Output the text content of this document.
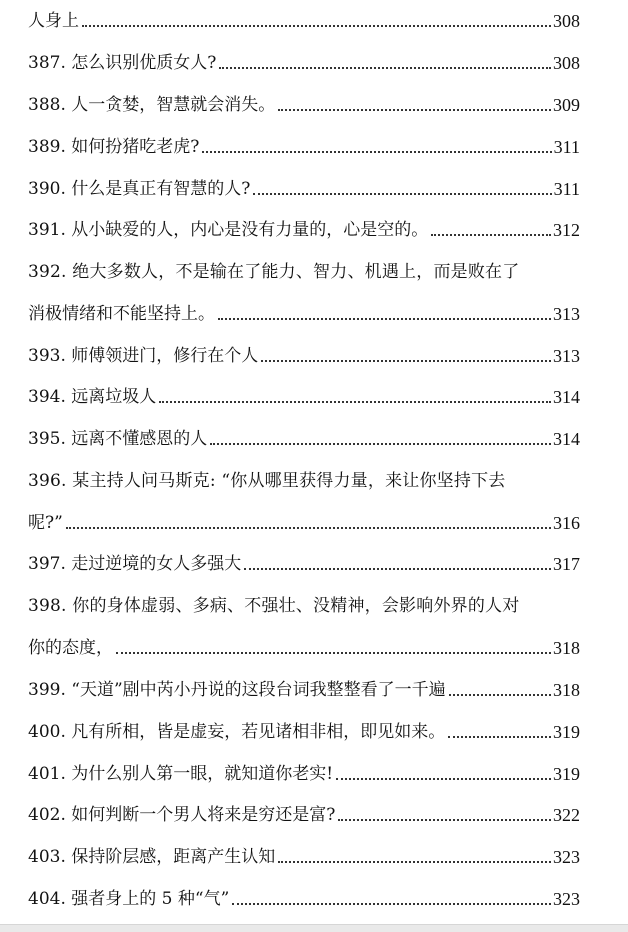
人身上	308
387. 怎么识别优质女人?	308
388. 人一贪婪，智慧就会消失。	309
389. 如何扮猪吃老虎?	311
390. 什么是真正有智慧的人?	311
391. 从小缺爱的人，内心是没有力量的，心是空的。	312
392. 绝大多数人，不是输在了能力、智力、机遇上，而是败在了
消极情绪和不能坚持上。	313
393. 师傅领进门，修行在个人	313
394. 远离垃圾人	314
395. 远离不懂感恩的人	314
396. 某主持人问马斯克: “你从哪里获得力量，来让你坚持下去
呢?”	316
397. 走过逆境的女人多强大	317
398. 你的身体虚弱、多病、不强壮、没精神，会影响外界的人对
你的态度，	318
399. “天道”剧中芮小丹说的这段台词我整整看了一千遍	318
400. 凡有所相，皆是虚妄，若见诸相非相，即见如来。	319
401. 为什么别人第一眼，就知道你老实!	319
402. 如何判断一个男人将来是穷还是富?	322
403. 保持阶层感，距离产生认知	323
404. 强者身上的 5 种“气”	323
